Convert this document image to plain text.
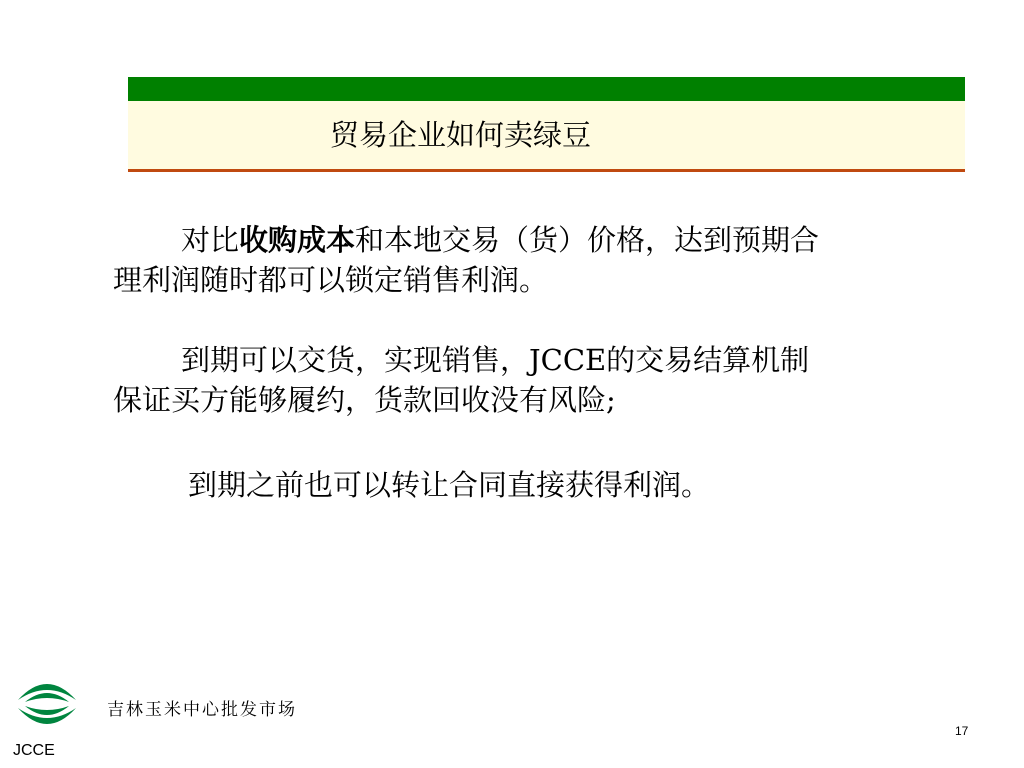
贸易企业如何卖绿豆
对比收购成本和本地交易（货）价格，达到预期合
理利润随时都可以锁定销售利润。
到期可以交货，实现销售，JCCE的交易结算机制
保证买方能够履约，货款回收没有风险;
到期之前也可以转让合同直接获得利润。
JCCE
吉林玉米中心批发市场
17
